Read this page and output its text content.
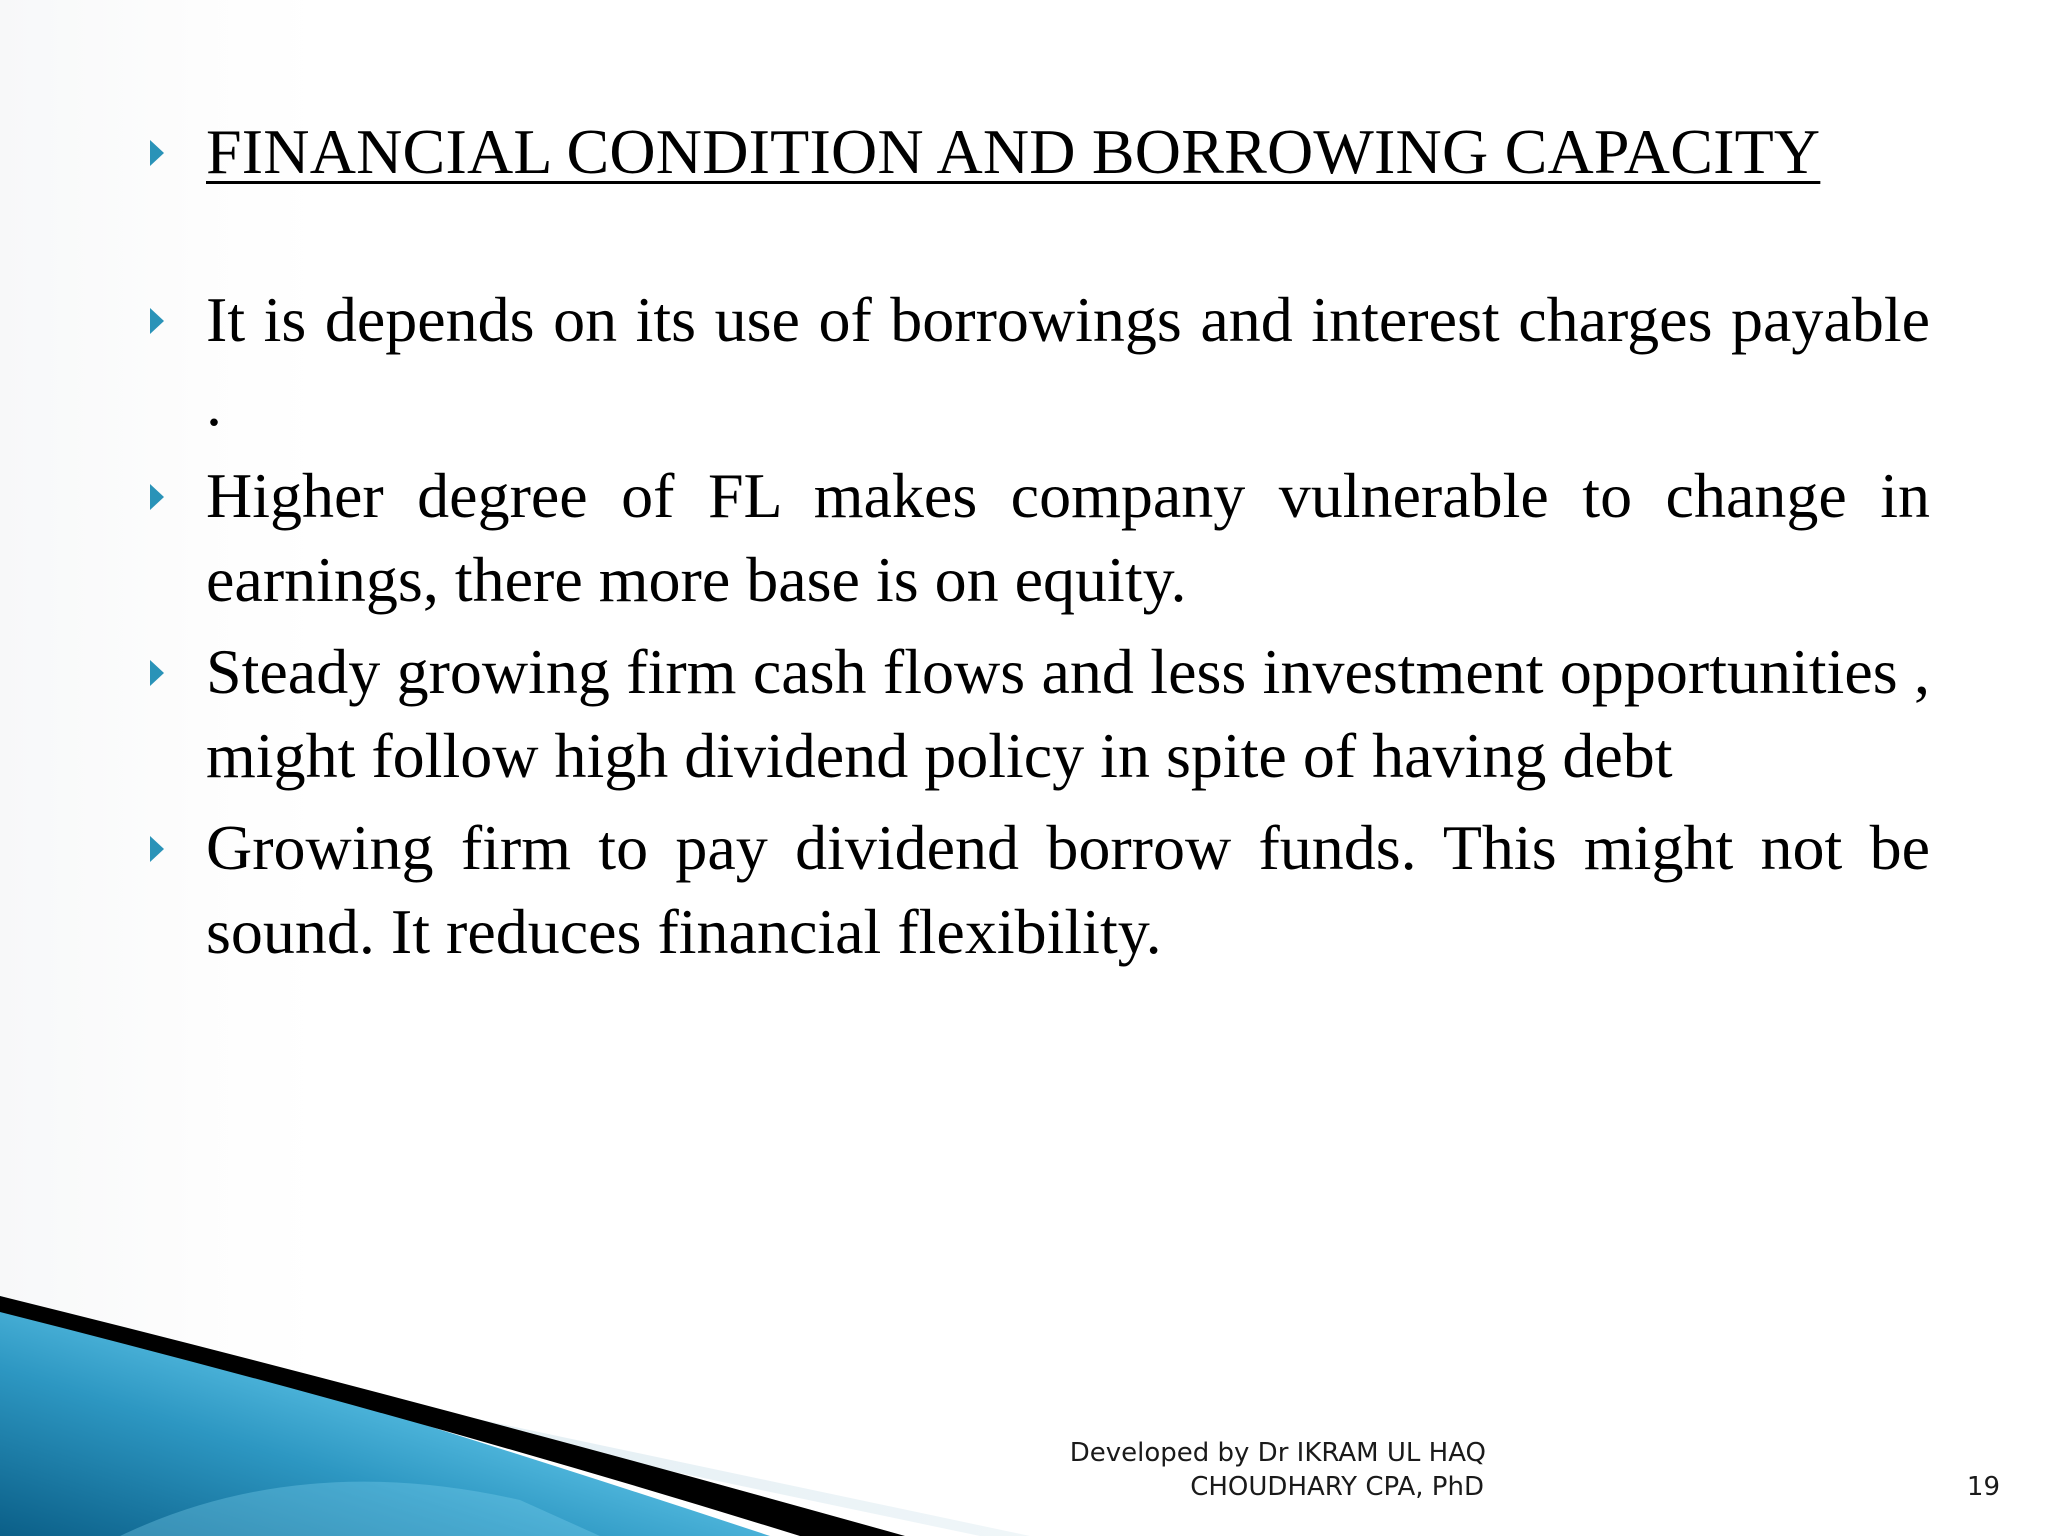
FINANCIAL CONDITION AND BORROWING CAPACITY
It is depends on its use of borrowings and interest charges payable .
Higher degree of FL makes company vulnerable to change in earnings, there more base is on equity.
Steady growing firm cash flows and less investment opportunities , might follow high dividend policy in spite of having debt
Growing firm to pay dividend borrow funds. This might not be sound. It reduces financial flexibility.
Developed by Dr IKRAM UL HAQ
CHOUDHARY CPA, PhD	19
